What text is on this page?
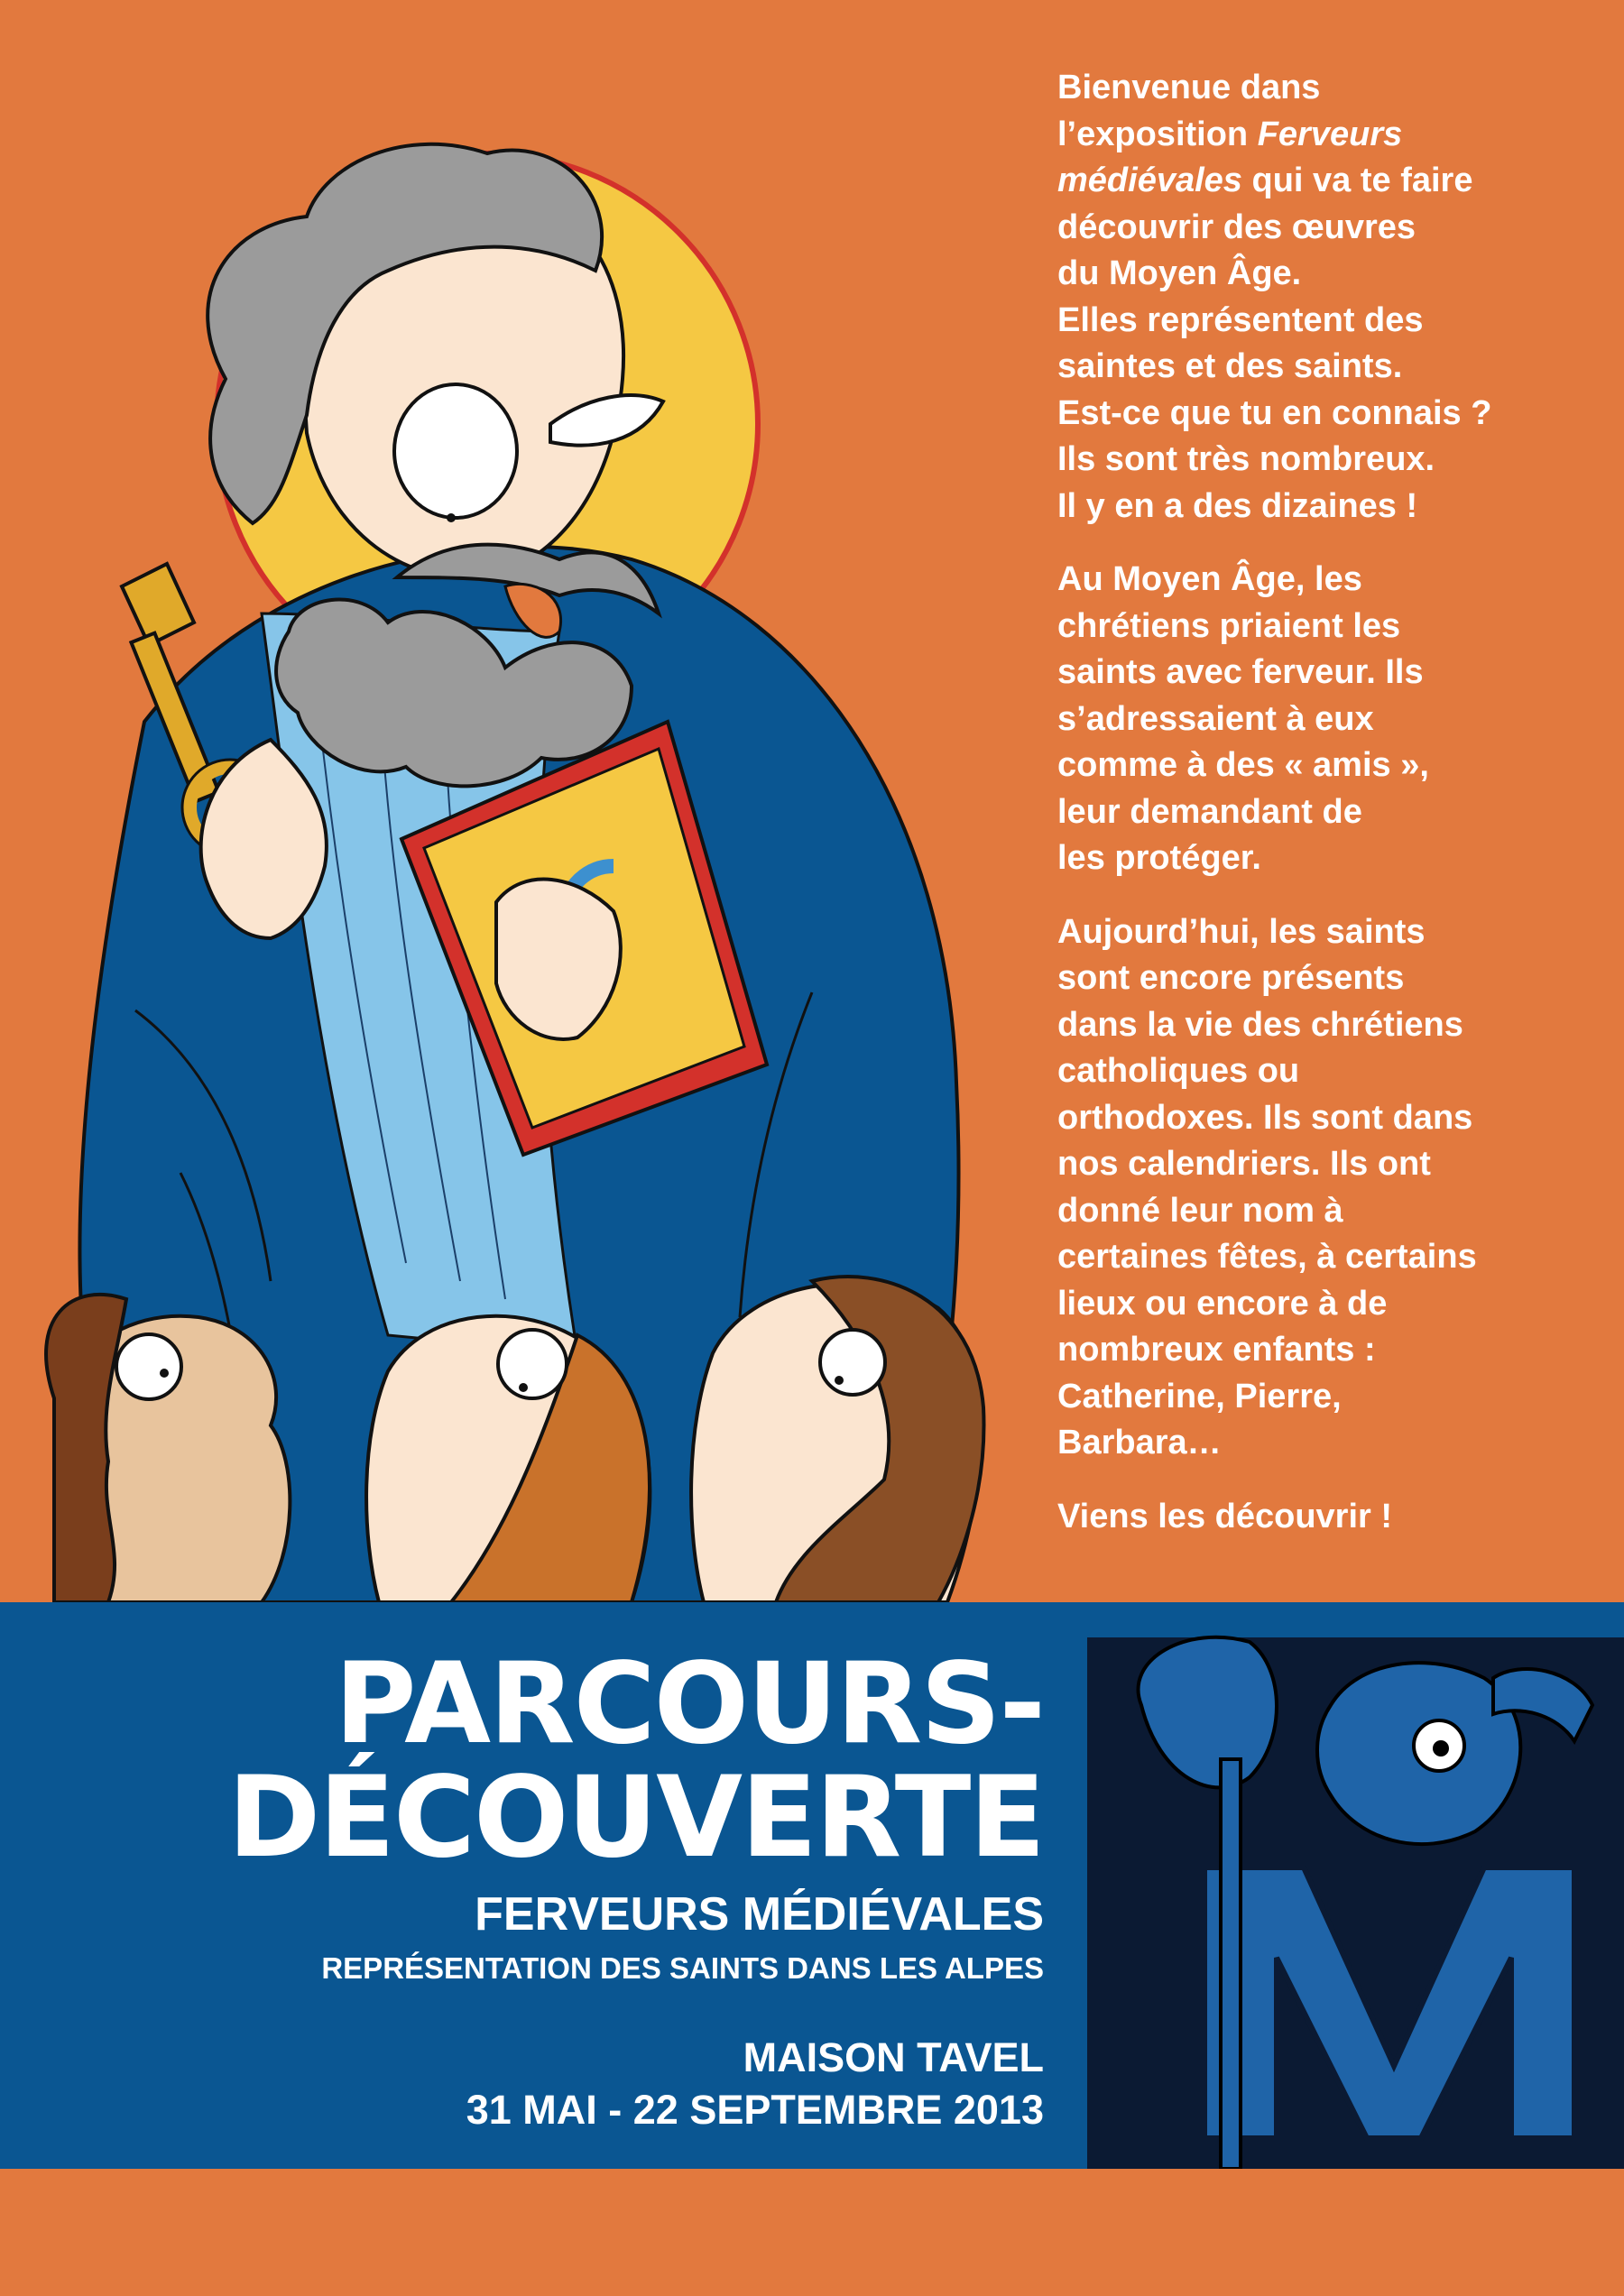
Bienvenue dans
l’exposition Ferveurs
médiévales qui va te faire
découvrir des œuvres
du Moyen Âge.
Elles représentent des
saintes et des saints.
Est-ce que tu en connais ?
Ils sont très nombreux.
Il y en a des dizaines !

Au Moyen Âge, les
chrétiens priaient les
saints avec ferveur. Ils
s’adressaient à eux
comme à des « amis »,
leur demandant de
les protéger.

Aujourd’hui, les saints
sont encore présents
dans la vie des chrétiens
catholiques ou
orthodoxes. Ils sont dans
nos calendriers. Ils ont
donné leur nom à
certaines fêtes, à certains
lieux ou encore à de
nombreux enfants :
Catherine, Pierre,
Barbara…

Viens les découvrir !

PARCOURS-
DÉCOUVERTE
FERVEURS MÉDIÉVALES
REPRÉSENTATION DES SAINTS DANS LES ALPES
MAISON TAVEL
31 MAI - 22 SEPTEMBRE 2013
